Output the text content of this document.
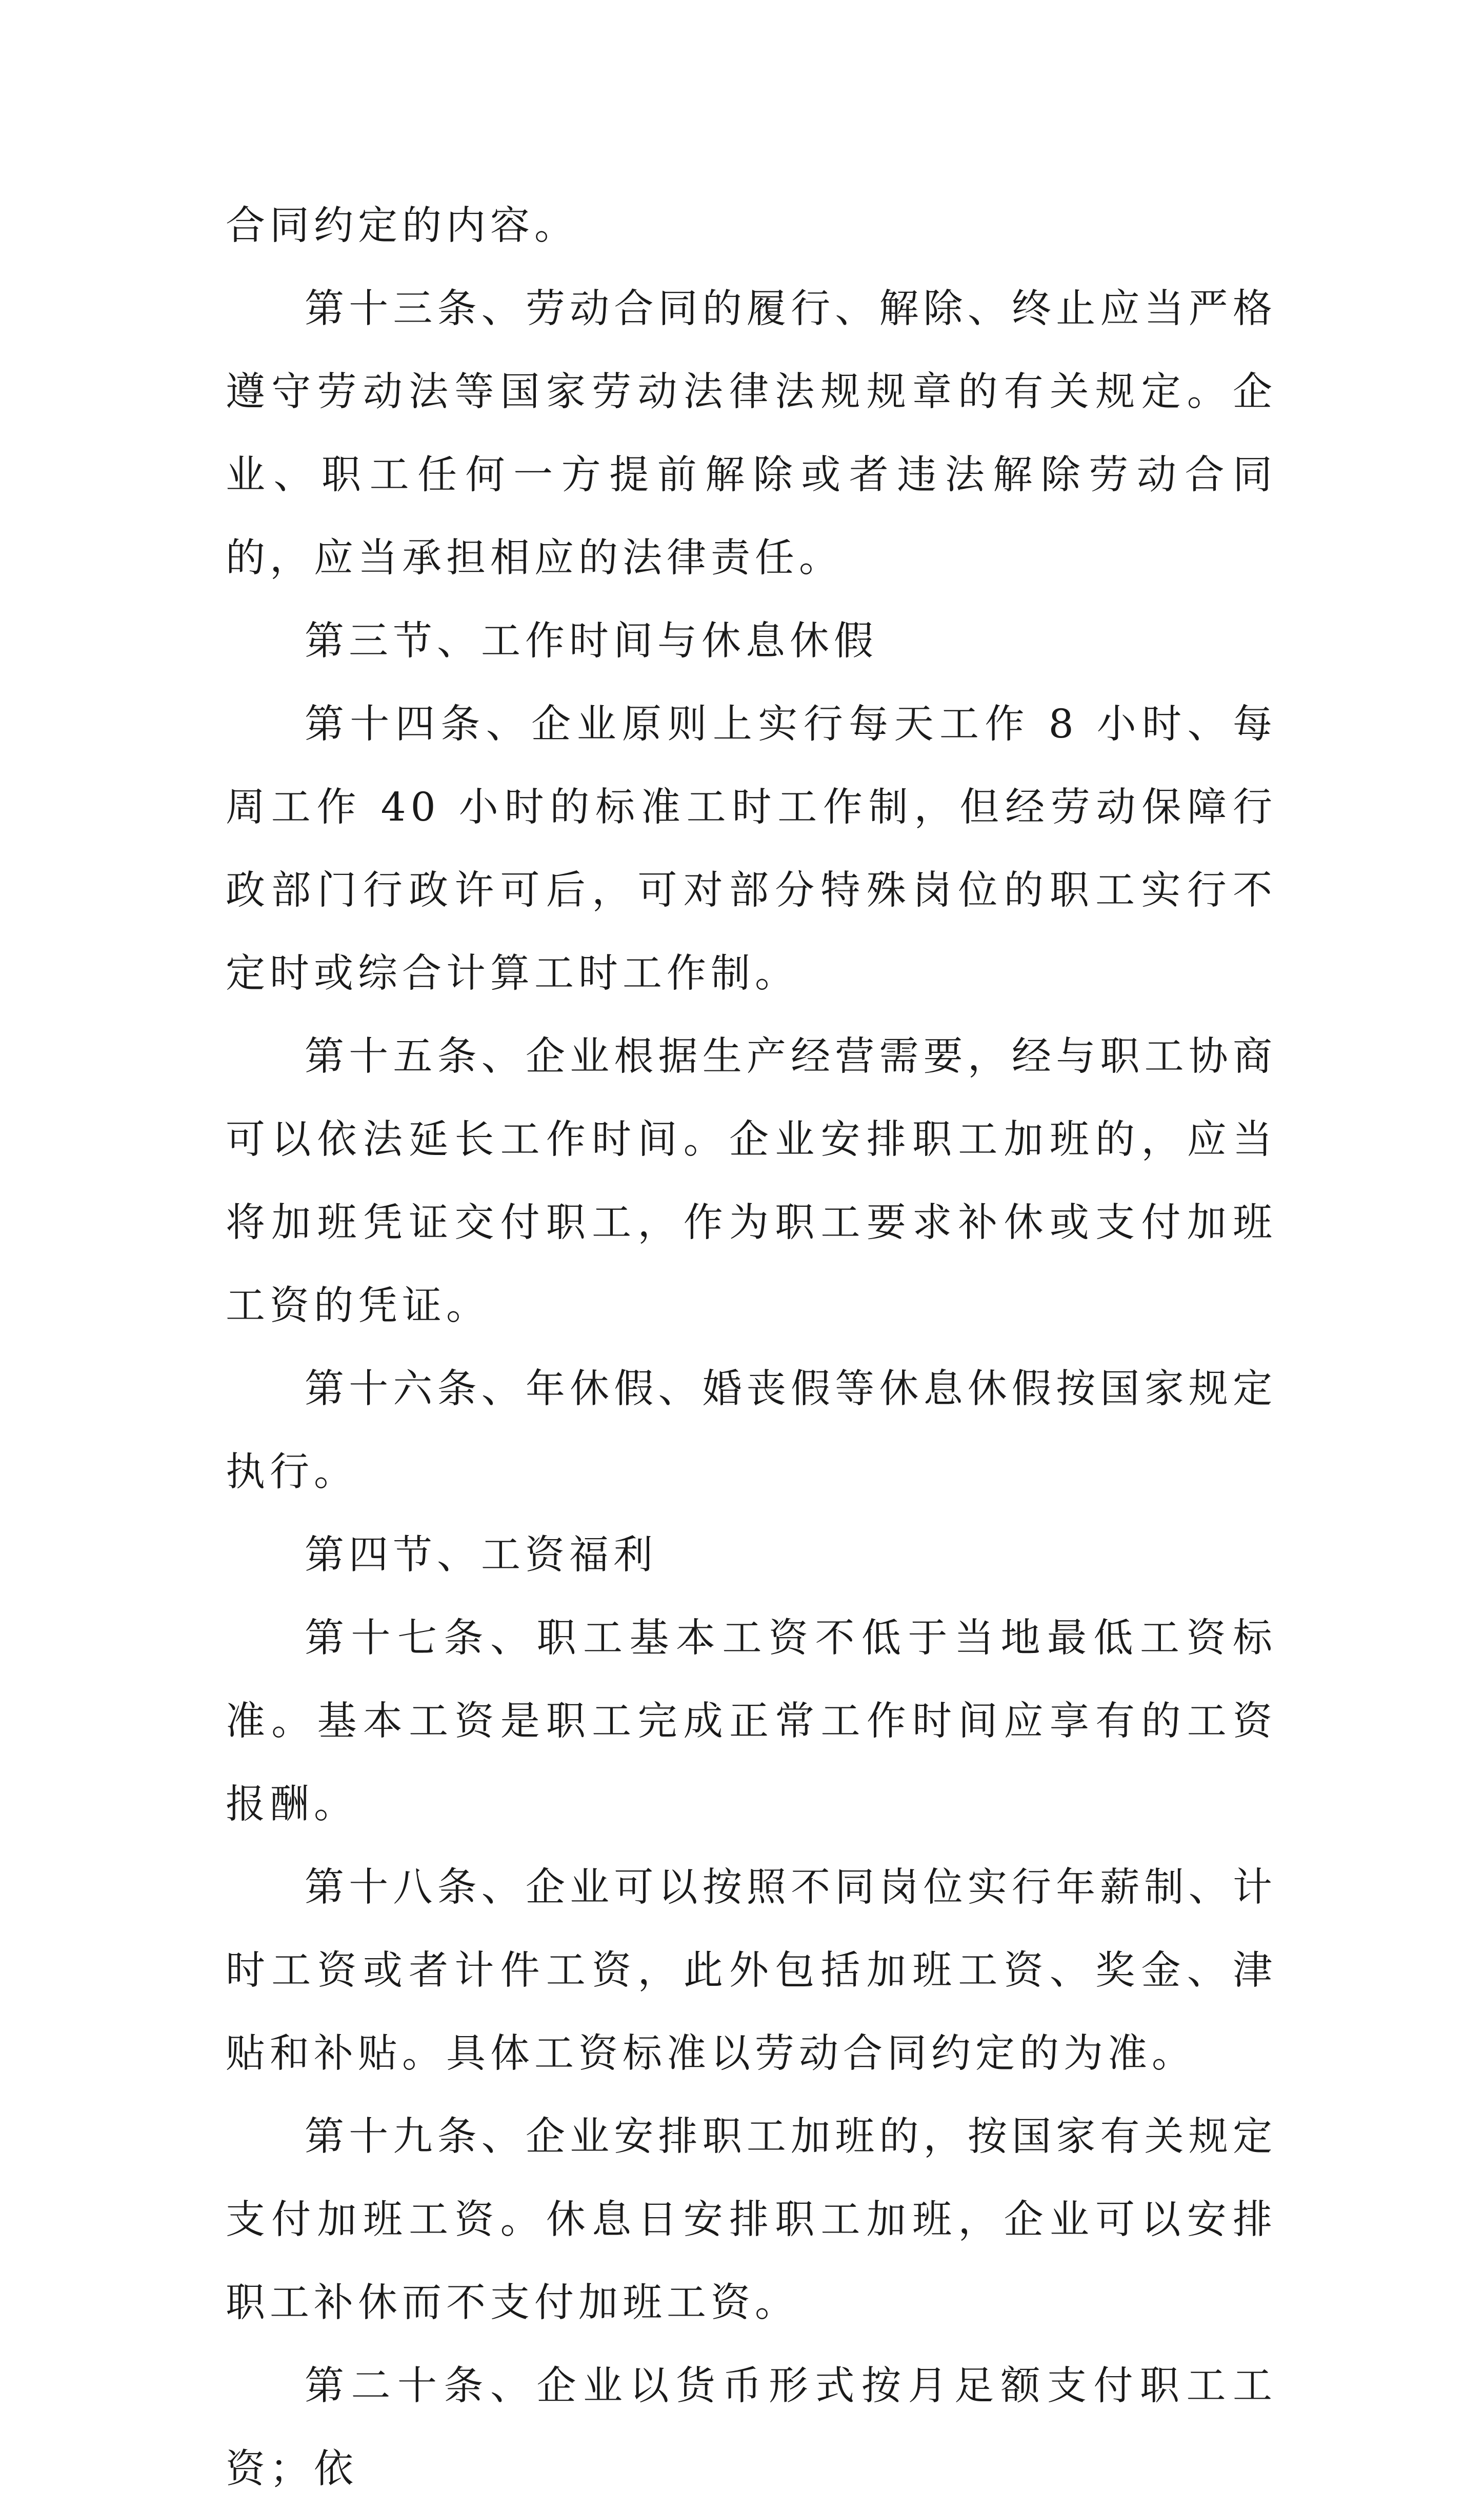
合同约定的内容。

第十三条、劳动合同的履行、解除、终止应当严格遵守劳动法等国家劳动法律法规规章的有关规定。企业、职工任何一方提前解除或者违法解除劳动合同的，应当承担相应的法律责任。

第三节、工作时间与休息休假

第十四条、企业原则上实行每天工作 8 小时、每周工作 40 小时的标准工时工作制，但经劳动保障行政部门行政许可后，可对部分特殊岗位的职工实行不定时或综合计算工时工作制。

第十五条、企业根据生产经营需要，经与职工协商可以依法延长工作时间。企业安排职工加班的，应当将加班凭证交付职工，作为职工要求补休或支付加班工资的凭证。

第十六条、年休假、婚丧假等休息休假按国家规定执行。

第四节、工资福利

第十七条、职工基本工资不低于当地最低工资标准。基本工资是职工完成正常工作时间应享有的工资报酬。

第十八条、企业可以按照不同岗位实行年薪制、计时工资或者计件工资，此外包括加班工资、奖金、津贴和补贴。具体工资标准以劳动合同约定的为准。

第十九条、企业安排职工加班的，按国家有关规定支付加班工资。休息日安排职工加班，企业可以安排职工补休而不支付加班工资。

第二十条、企业以货币形式按月足额支付职工工资；依
